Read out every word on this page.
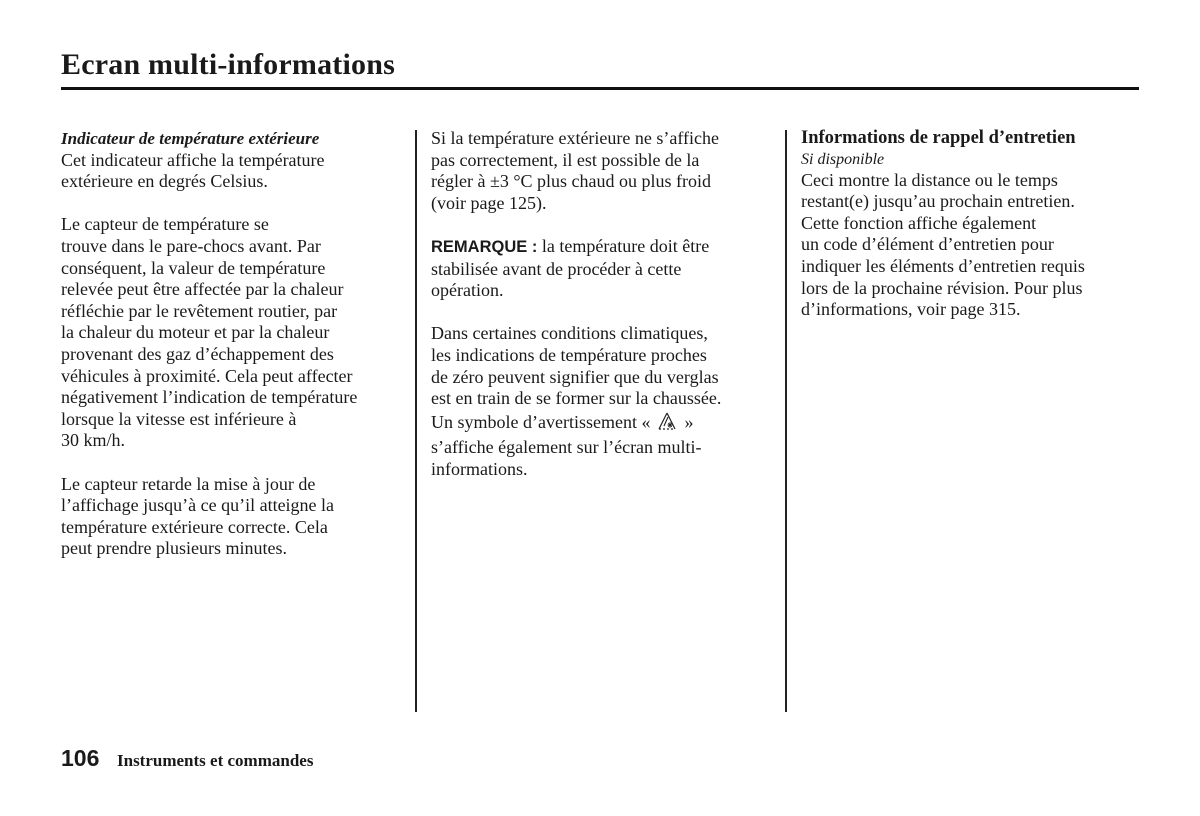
Ecran multi-informations
Indicateur de température extérieure

Cet indicateur affiche la température
extérieure en degrés Celsius.

Le capteur de température se
trouve dans le pare-chocs avant. Par
conséquent, la valeur de température
relevée peut être affectée par la chaleur
réfléchie par le revêtement routier, par
la chaleur du moteur et par la chaleur
provenant des gaz d’échappement des
véhicules à proximité. Cela peut affecter
négativement l’indication de température
lorsque la vitesse est inférieure à
30 km/h.

Le capteur retarde la mise à jour de
l’affichage jusqu’à ce qu’il atteigne la
température extérieure correcte. Cela
peut prendre plusieurs minutes.

Si la température extérieure ne s’affiche
pas correctement, il est possible de la
régler à ±3 °C plus chaud ou plus froid
(voir page 125).

REMARQUE : la température doit être
stabilisée avant de procéder à cette
opération.

Dans certaines conditions climatiques,
les indications de température proches
de zéro peuvent signifier que du verglas
est en train de se former sur la chaussée.
Un symbole d’avertissement « »
s’affiche également sur l’écran multi-
informations.

Informations de rappel d’entretien
Si disponible

Ceci montre la distance ou le temps
restant(e) jusqu’au prochain entretien.
Cette fonction affiche également
un code d’élément d’entretien pour
indiquer les éléments d’entretien requis
lors de la prochaine révision. Pour plus
d’informations, voir page 315.

106 Instruments et commandes
